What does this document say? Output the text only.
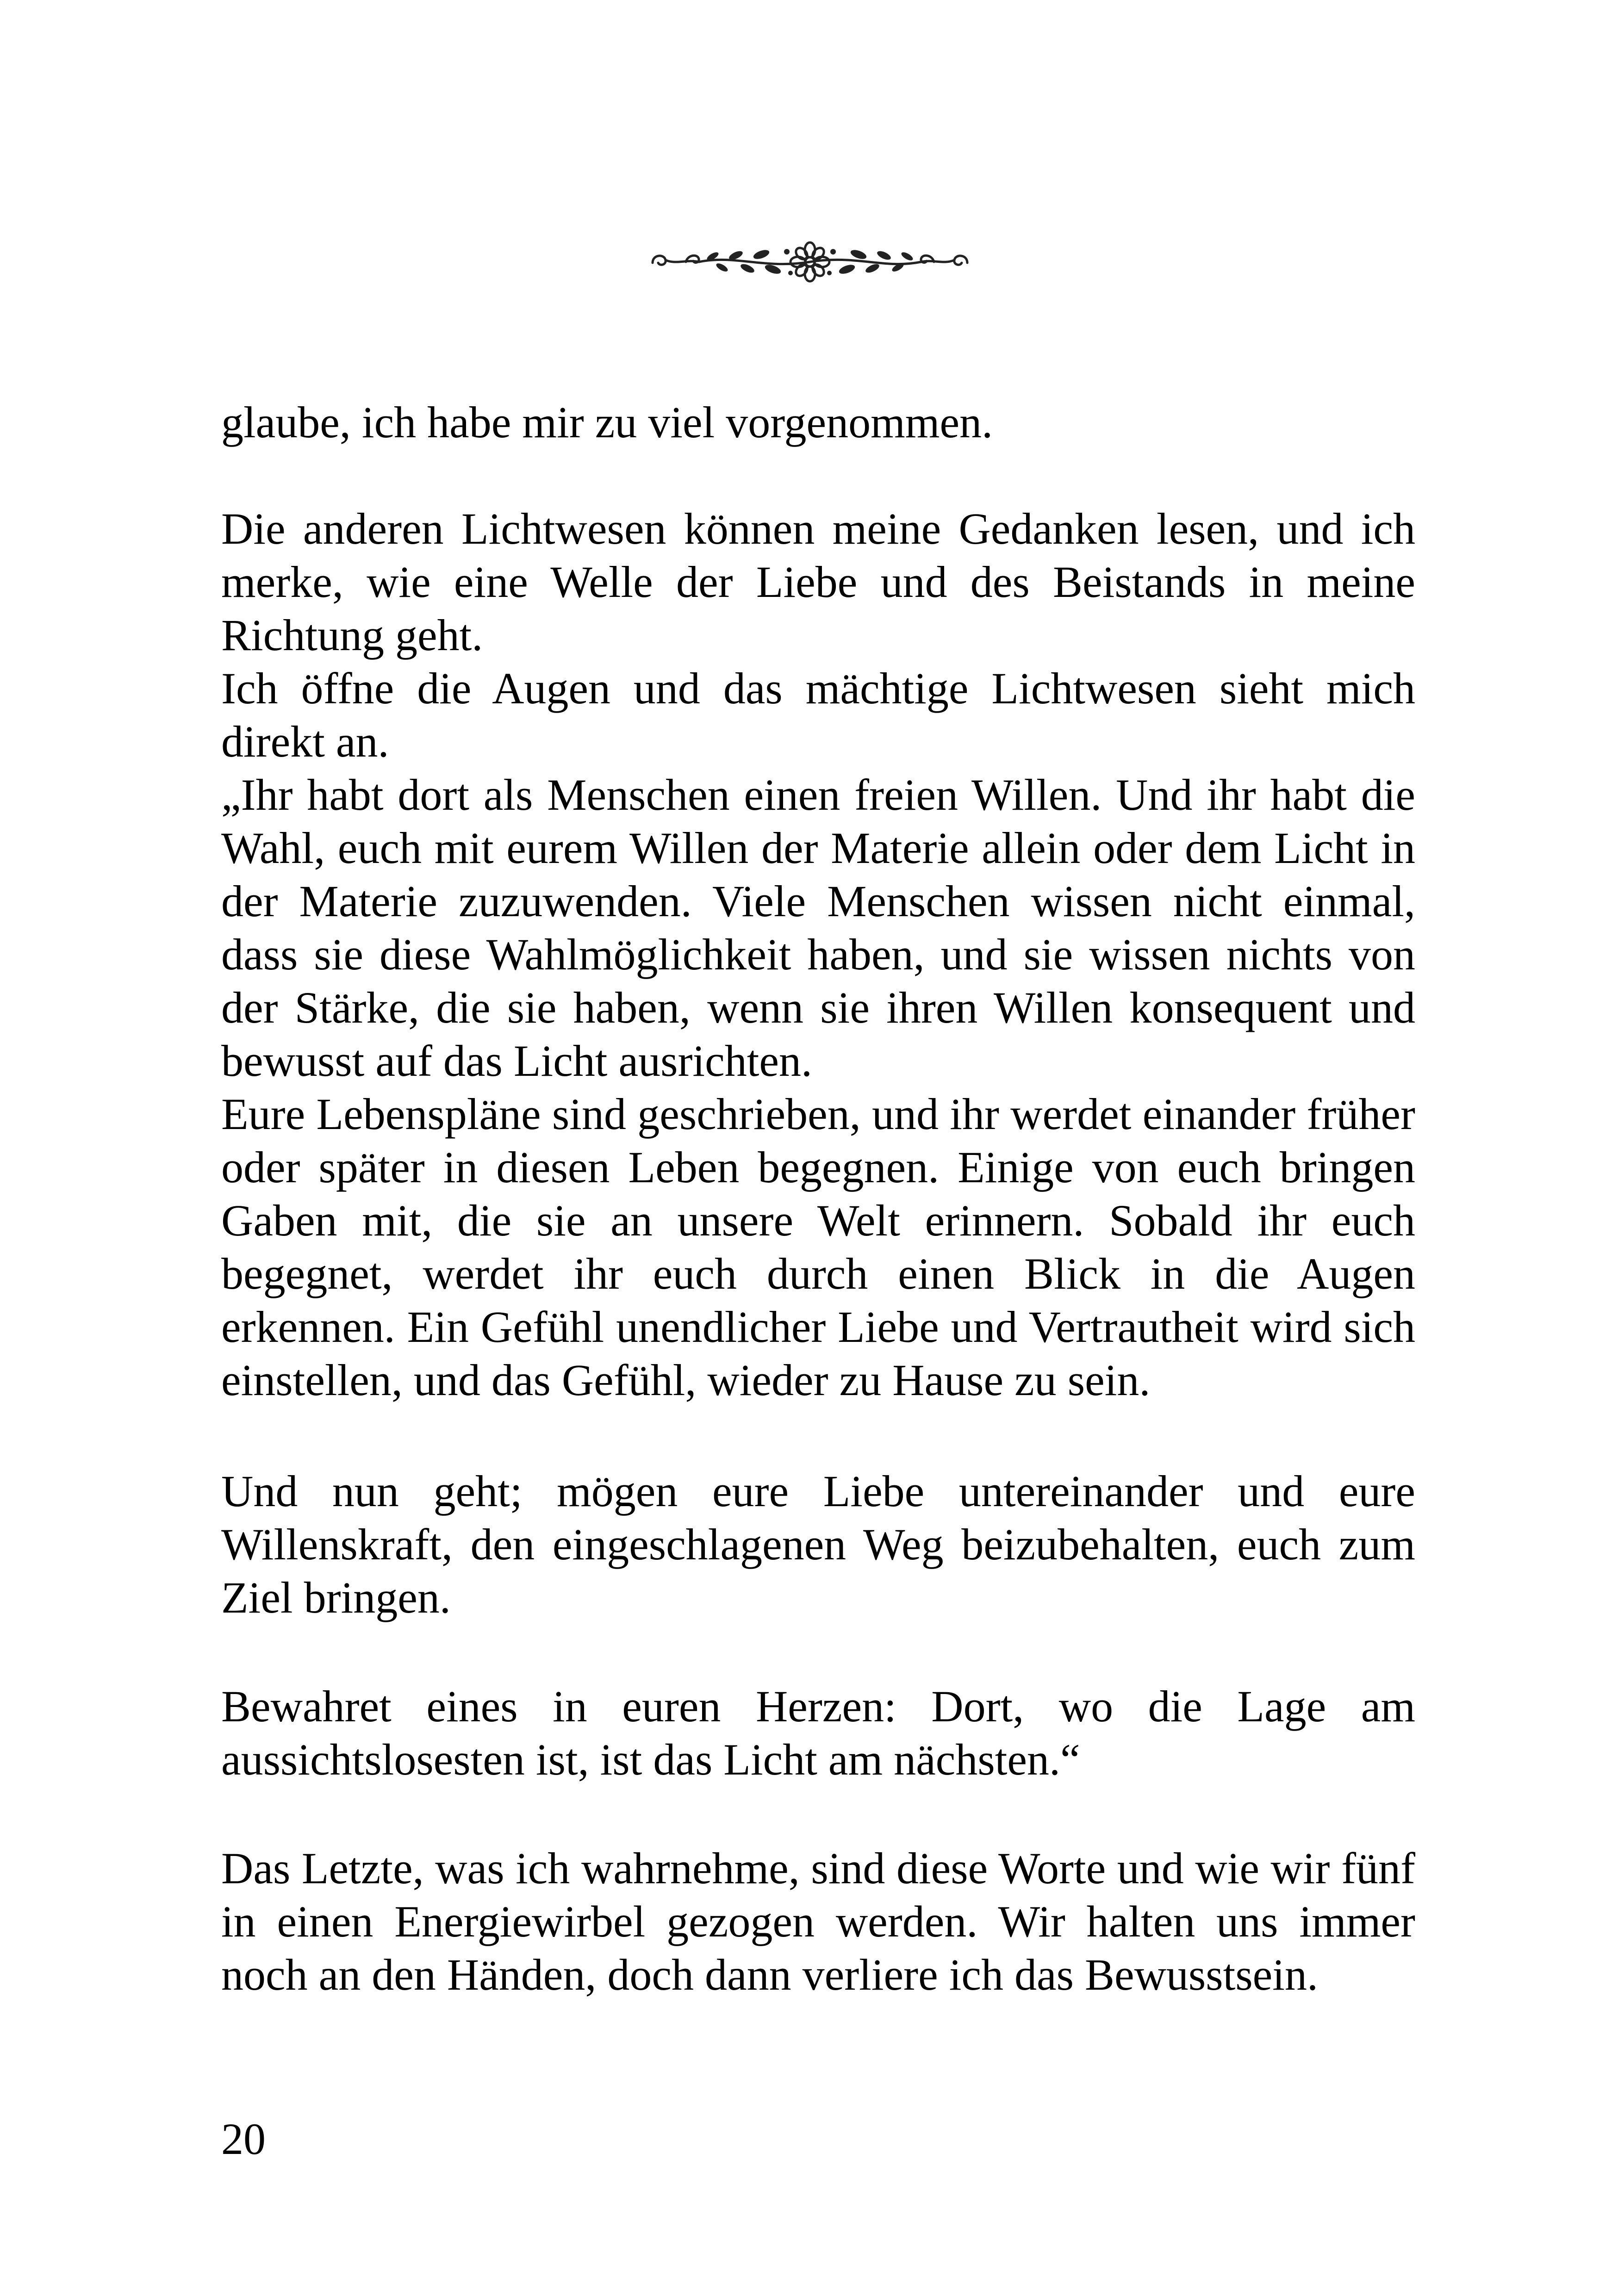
glaube, ich habe mir zu viel vorgenommen.

Die anderen Lichtwesen können meine Gedanken lesen, und ich merke, wie eine Welle der Liebe und des Beistands in meine Richtung geht.

Ich öffne die Augen und das mächtige Lichtwesen sieht mich direkt an.

„Ihr habt dort als Menschen einen freien Willen. Und ihr habt die Wahl, euch mit eurem Willen der Materie allein oder dem Licht in der Materie zuzuwenden. Viele Menschen wissen nicht einmal, dass sie diese Wahlmöglichkeit haben, und sie wissen nichts von der Stärke, die sie haben, wenn sie ihren Willen konsequent und bewusst auf das Licht ausrichten.

Eure Lebenspläne sind geschrieben, und ihr werdet einander früher oder später in diesen Leben begegnen. Einige von euch bringen Gaben mit, die sie an unsere Welt erinnern. Sobald ihr euch begegnet, werdet ihr euch durch einen Blick in die Augen erkennen. Ein Gefühl unendlicher Liebe und Vertrautheit wird sich einstellen, und das Gefühl, wieder zu Hause zu sein.

Und nun geht; mögen eure Liebe untereinander und eure Willenskraft, den eingeschlagenen Weg beizubehalten, euch zum Ziel bringen.

Bewahret eines in euren Herzen: Dort, wo die Lage am aussichtslosesten ist, ist das Licht am nächsten.“

Das Letzte, was ich wahrnehme, sind diese Worte und wie wir fünf in einen Energiewirbel gezogen werden. Wir halten uns immer noch an den Händen, doch dann verliere ich das Bewusstsein.

20
